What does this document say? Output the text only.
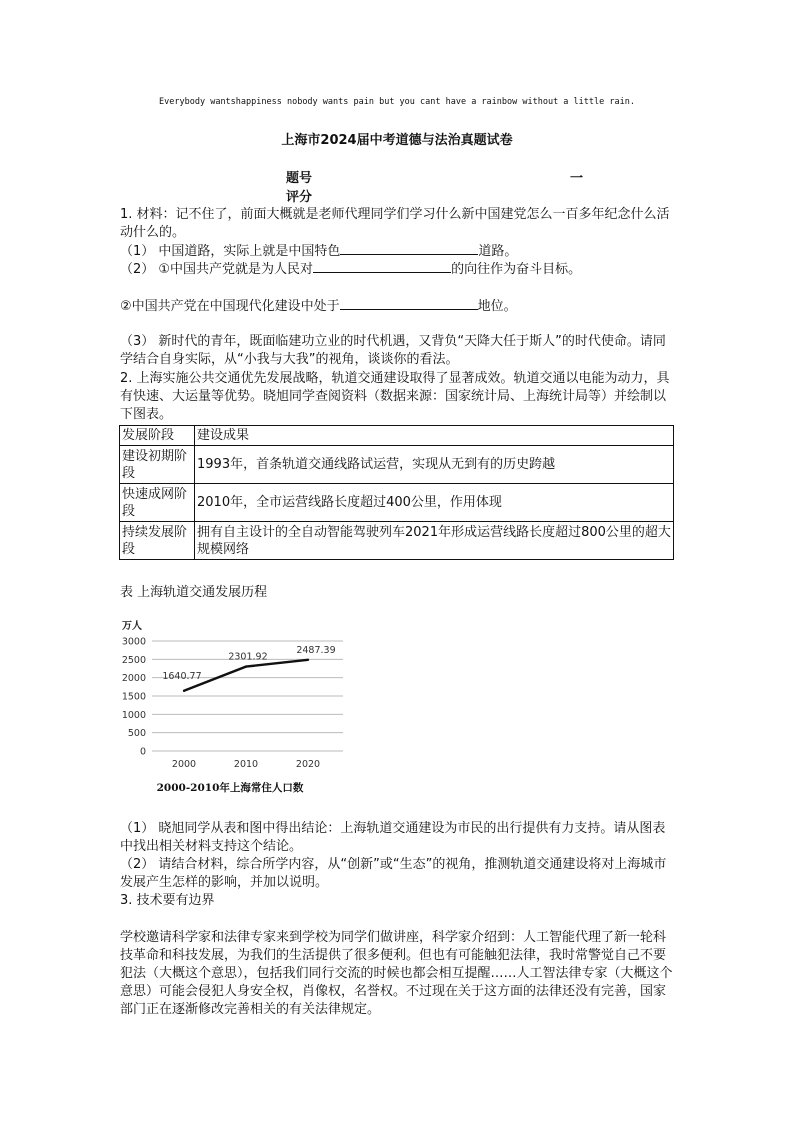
Everybody wantshappiness nobody wants pain but you cant have a rainbow without a little rain.
上海市2024届中考道德与法治真题试卷
题号	一
评分
1. 材料：记不住了，前面大概就是老师代理同学们学习什么新中国建党怎么一百多年纪念什么活动什么的。
（1） 中国道路，实际上就是中国特色	道路。
（2） ①中国共产党就是为人民对	的向往作为奋斗目标。
②中国共产党在中国现代化建设中处于	地位。
（3） 新时代的青年，既面临建功立业的时代机遇，又背负“天降大任于斯人”的时代使命。请同学结合自身实际，从“小我与大我”的视角，谈谈你的看法。
2. 上海实施公共交通优先发展战略，轨道交通建设取得了显著成效。轨道交通以电能为动力，具有快速、大运量等优势。晓旭同学查阅资料（数据来源：国家统计局、上海统计局等）并绘制以下图表。
发展阶段	建设成果
建设初期阶段	1993年，首条轨道交通线路试运营，实现从无到有的历史跨越
快速成网阶段	2010年，全市运营线路长度超过400公里，作用体现
持续发展阶段	拥有自主设计的全自动智能驾驶列车2021年形成运营线路长度超过800公里的超大规模网络
表 上海轨道交通发展历程
万人
3000
2500
2000
1500
1000
500
0
2000	2010	2020
1640.77
2301.92
2487.39
2000-2010年上海常住人口数
（1） 晓旭同学从表和图中得出结论：上海轨道交通建设为市民的出行提供有力支持。请从图表中找出相关材料支持这个结论。
（2） 请结合材料，综合所学内容，从“创新”或“生态”的视角，推测轨道交通建设将对上海城市发展产生怎样的影响，并加以说明。
3. 技术要有边界
学校邀请科学家和法律专家来到学校为同学们做讲座，科学家介绍到：人工智能代理了新一轮科技革命和科技发展，为我们的生活提供了很多便利。但也有可能触犯法律，我时常警觉自己不要犯法（大概这个意思），包括我们同行交流的时候也都会相互提醒……人工智法律专家（大概这个意思）可能会侵犯人身安全权，肖像权，名誉权。不过现在关于这方面的法律还没有完善，国家部门正在逐渐修改完善相关的有关法律规定。
